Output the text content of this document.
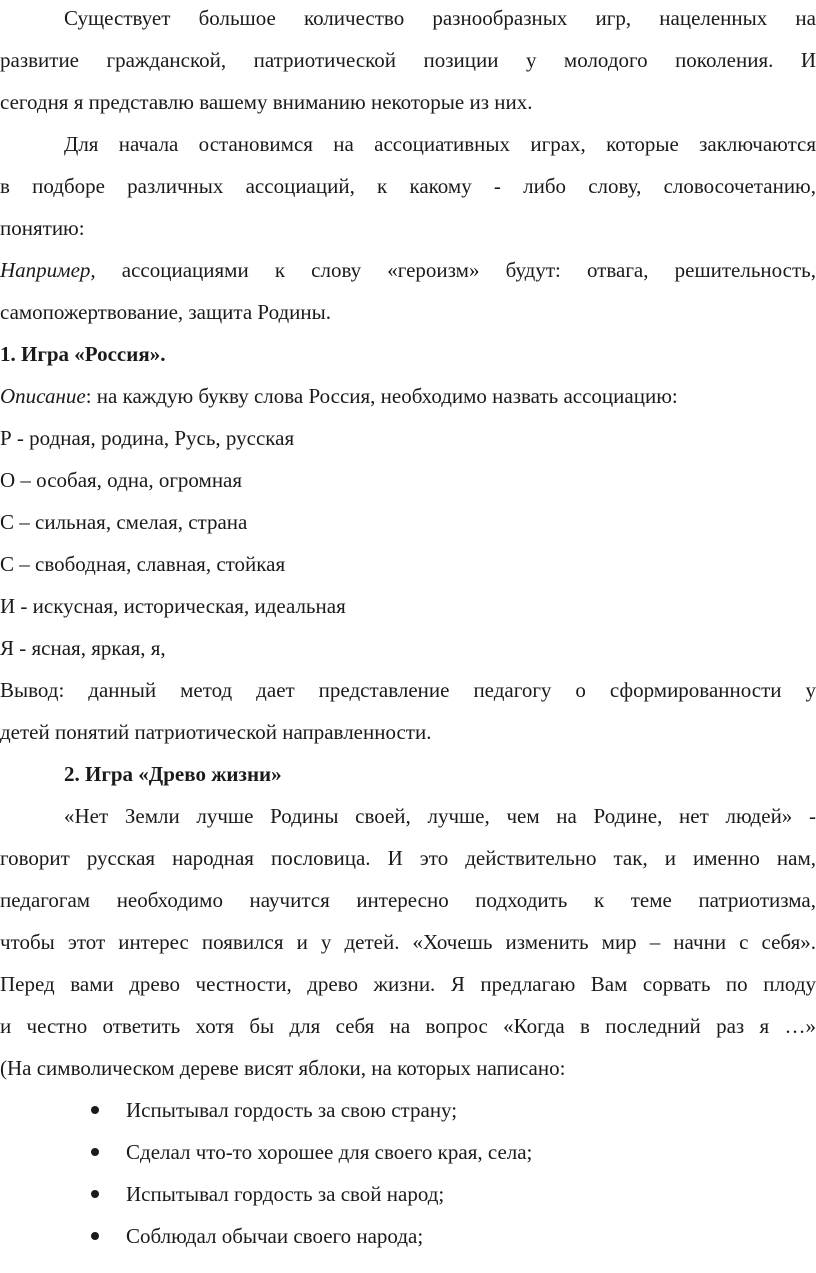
Существует большое количество разнообразных игр, нацеленных на
развитие гражданской, патриотической позиции у молодого поколения. И
сегодня я представлю вашему вниманию некоторые из них.
Для начала остановимся на ассоциативных играх, которые заключаются
в подборе различных ассоциаций, к какому - либо слову, словосочетанию,
понятию:
Например, ассоциациями к слову «героизм» будут: отвага, решительность,
самопожертвование, защита Родины.
1. Игра «Россия».
Описание: на каждую букву слова Россия, необходимо назвать ассоциацию:
Р - родная, родина, Русь, русская
О – особая, одна, огромная
С – сильная, смелая, страна
С – свободная, славная, стойкая
И - искусная, историческая, идеальная
Я - ясная, яркая, я,
Вывод: данный метод дает представление педагогу о сформированности у
детей понятий патриотической направленности.
2. Игра «Древо жизни»
«Нет Земли лучше Родины своей, лучше, чем на Родине, нет людей» -
говорит русская народная пословица. И это действительно так, и именно нам,
педагогам необходимо научится интересно подходить к теме патриотизма,
чтобы этот интерес появился и у детей. «Хочешь изменить мир – начни с себя».
Перед вами древо честности, древо жизни. Я предлагаю Вам сорвать по плоду
и честно ответить хотя бы для себя на вопрос «Когда в последний раз я …»
(На символическом дереве висят яблоки, на которых написано:
Испытывал гордость за свою страну;
Сделал что-то хорошее для своего края, села;
Испытывал гордость за свой народ;
Соблюдал обычаи своего народа;
